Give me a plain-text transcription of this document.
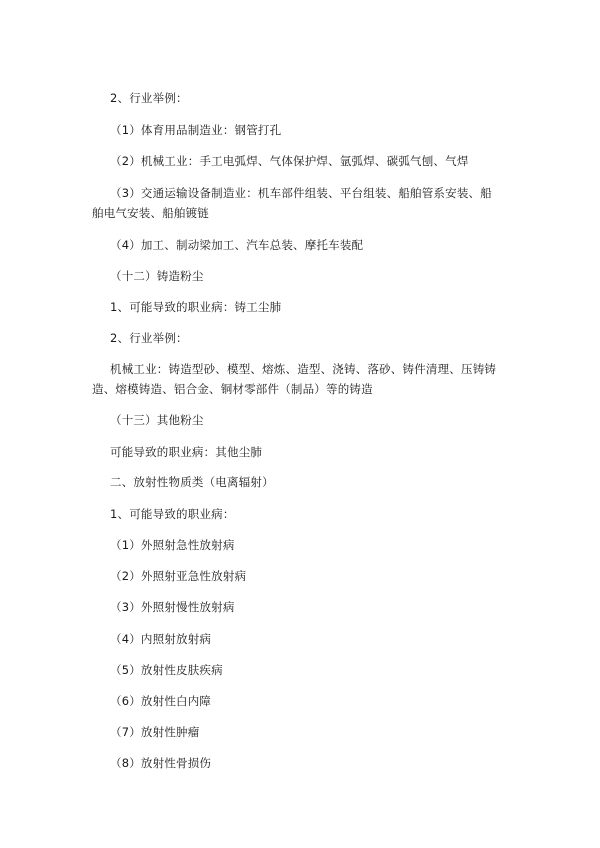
2、行业举例：
（1）体育用品制造业：钢管打孔
（2）机械工业：手工电弧焊、气体保护焊、氩弧焊、碳弧气刨、气焊
（3）交通运输设备制造业：机车部件组装、平台组装、船舶管系安装、船舶电气安装、船舶镀链
（4）加工、制动梁加工、汽车总装、摩托车装配
（十二）铸造粉尘
1、可能导致的职业病：铸工尘肺
2、行业举例：
机械工业：铸造型砂、模型、熔炼、造型、浇铸、落砂、铸件清理、压铸铸造、熔模铸造、铝合金、铜材零部件（制品）等的铸造
（十三）其他粉尘
可能导致的职业病：其他尘肺
二、放射性物质类（电离辐射）
1、可能导致的职业病：
（1）外照射急性放射病
（2）外照射亚急性放射病
（3）外照射慢性放射病
（4）内照射放射病
（5）放射性皮肤疾病
（6）放射性白内障
（7）放射性肿瘤
（8）放射性骨损伤
